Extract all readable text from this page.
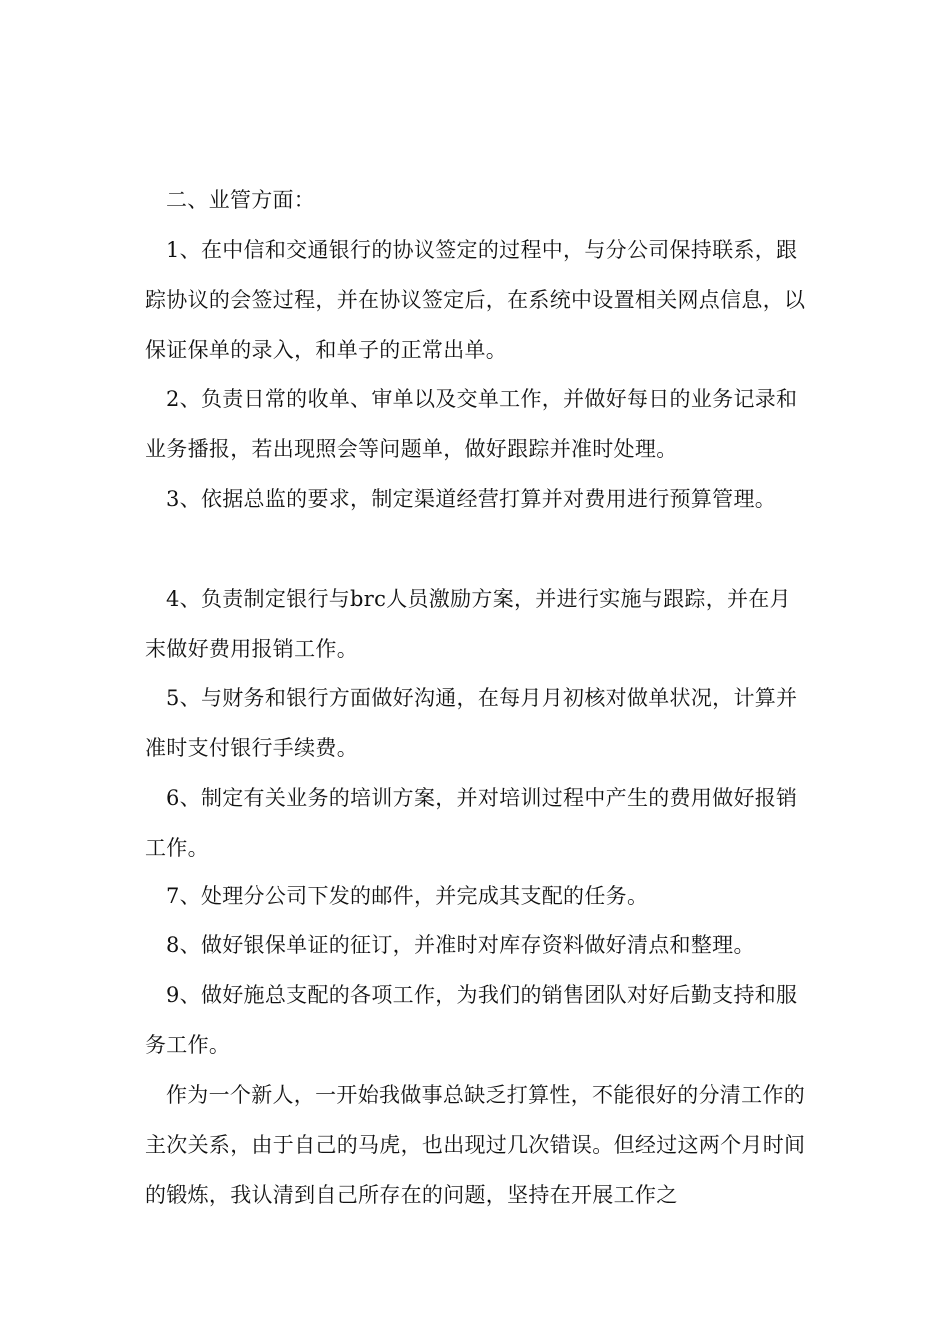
二、业管方面：

1、在中信和交通银行的协议签定的过程中，与分公司保持联系，跟踪协议的会签过程，并在协议签定后，在系统中设置相关网点信息，以保证保单的录入，和单子的正常出单。

2、负责日常的收单、审单以及交单工作，并做好每日的业务记录和业务播报，若出现照会等问题单，做好跟踪并准时处理。

3、依据总监的要求，制定渠道经营打算并对费用进行预算管理。

4、负责制定银行与brc人员激励方案，并进行实施与跟踪，并在月末做好费用报销工作。

5、与财务和银行方面做好沟通，在每月月初核对做单状况，计算并准时支付银行手续费。

6、制定有关业务的培训方案，并对培训过程中产生的费用做好报销工作。

7、处理分公司下发的邮件，并完成其支配的任务。

8、做好银保单证的征订，并准时对库存资料做好清点和整理。

9、做好施总支配的各项工作，为我们的销售团队对好后勤支持和服务工作。

作为一个新人，一开始我做事总缺乏打算性，不能很好的分清工作的主次关系，由于自己的马虎，也出现过几次错误。但经过这两个月时间的锻炼，我认清到自己所存在的问题，坚持在开展工作之
